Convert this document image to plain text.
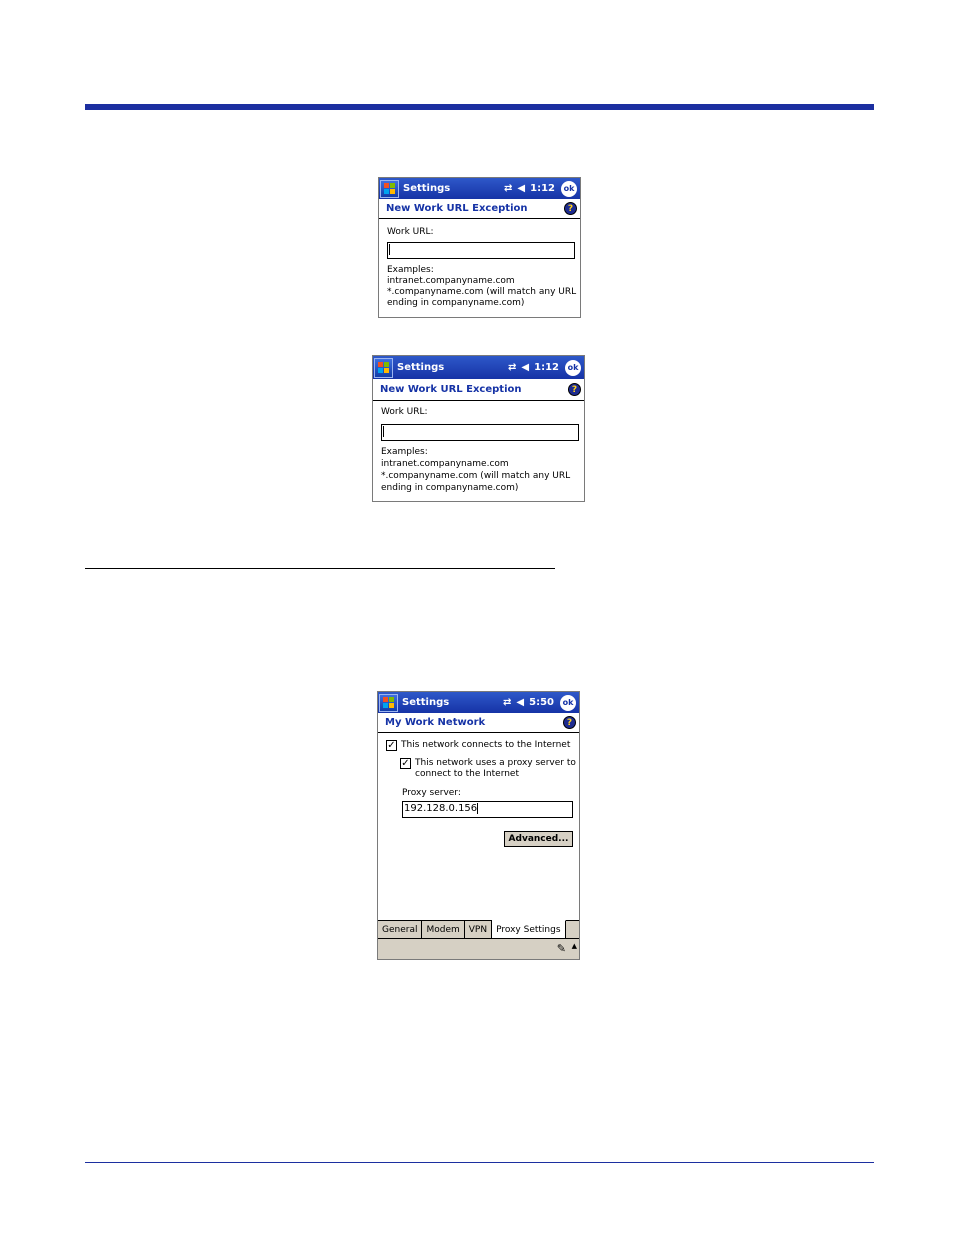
Settings	⇄ ◀ 1:12	ok
New Work URL Exception	?
Work URL:
Examples:
intranet.companyname.com
*.companyname.com (will match any URL
ending in companyname.com)
Settings	⇄ ◀ 1:12	ok
New Work URL Exception	?
Work URL:
Examples:
intranet.companyname.com
*.companyname.com (will match any URL
ending in companyname.com)
Settings	⇄ ◀ 5:50	ok
My Work Network	?
✓ This network connects to the Internet
✓ This network uses a proxy server to
connect to the Internet
Proxy server:
192.128.0.156
Advanced...
General	Modem	VPN	Proxy Settings
✎ ▲
